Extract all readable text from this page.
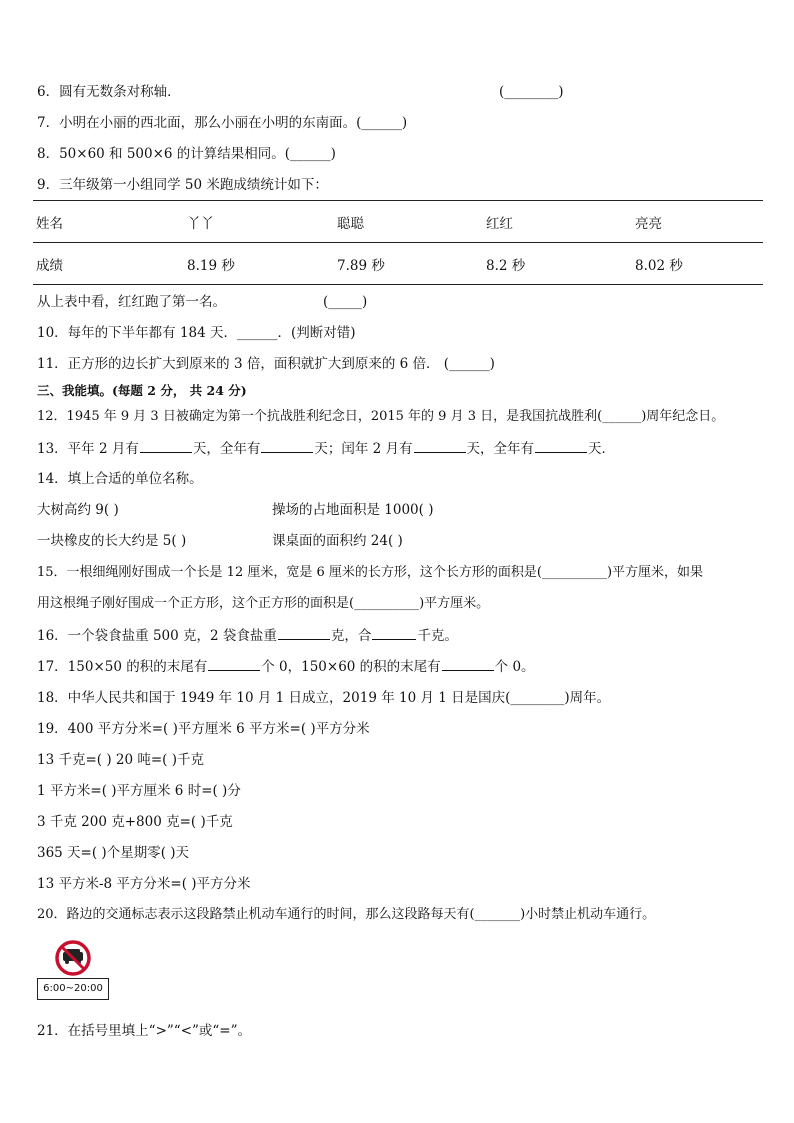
6．圆有无数条对称轴．	(________)
7．小明在小丽的西北面，那么小丽在小明的东南面。(______)
8．50×60 和 500×6 的计算结果相同。(______)
9．三年级第一小组同学 50 米跑成绩统计如下：
姓名	丫丫	聪聪	红红	亮亮
成绩	8.19 秒	7.89 秒	8.2 秒	8.02 秒
从上表中看，红红跑了第一名。	(_____)
10．每年的下半年都有 184 天．______．(判断对错)
11．正方形的边长扩大到原来的 3 倍，面积就扩大到原来的 6 倍． (______)
三、我能填。(每题 2 分， 共 24 分)
12．1945 年 9 月 3 日被确定为第一个抗战胜利纪念日，2015 年的 9 月 3 日，是我国抗战胜利(______)周年纪念日。
13．平年 2 月有	天，全年有	天；闰年 2 月有	天，全年有	天．
14．填上合适的单位名称。
大树高约 9( )	操场的占地面积是 1000( )
一块橡皮的长大约是 5( )	课桌面的面积约 24( )
15．一根细绳刚好围成一个长是 12 厘米，宽是 6 厘米的长方形，这个长方形的面积是(__________)平方厘米，如果
用这根绳子刚好围成一个正方形，这个正方形的面积是(__________)平方厘米。
16．一个袋食盐重 500 克，2 袋食盐重	克，合	千克。
17．150×50 的积的末尾有	个 0，150×60 的积的末尾有	个 0。
18．中华人民共和国于 1949 年 10 月 1 日成立，2019 年 10 月 1 日是国庆(________)周年。
19．400 平方分米=( )平方厘米 6 平方米=( )平方分米
13 千克=( ) 20 吨=( )千克
1 平方米=( )平方厘米 6 时=( )分
3 千克 200 克+800 克=( )千克
365 天=( )个星期零( )天
13 平方米-8 平方分米=( )平方分米
20．路边的交通标志表示这段路禁止机动车通行的时间，那么这段路每天有(_______)小时禁止机动车通行。
6:00~20:00
21．在括号里填上“>”“<”或“=”。
